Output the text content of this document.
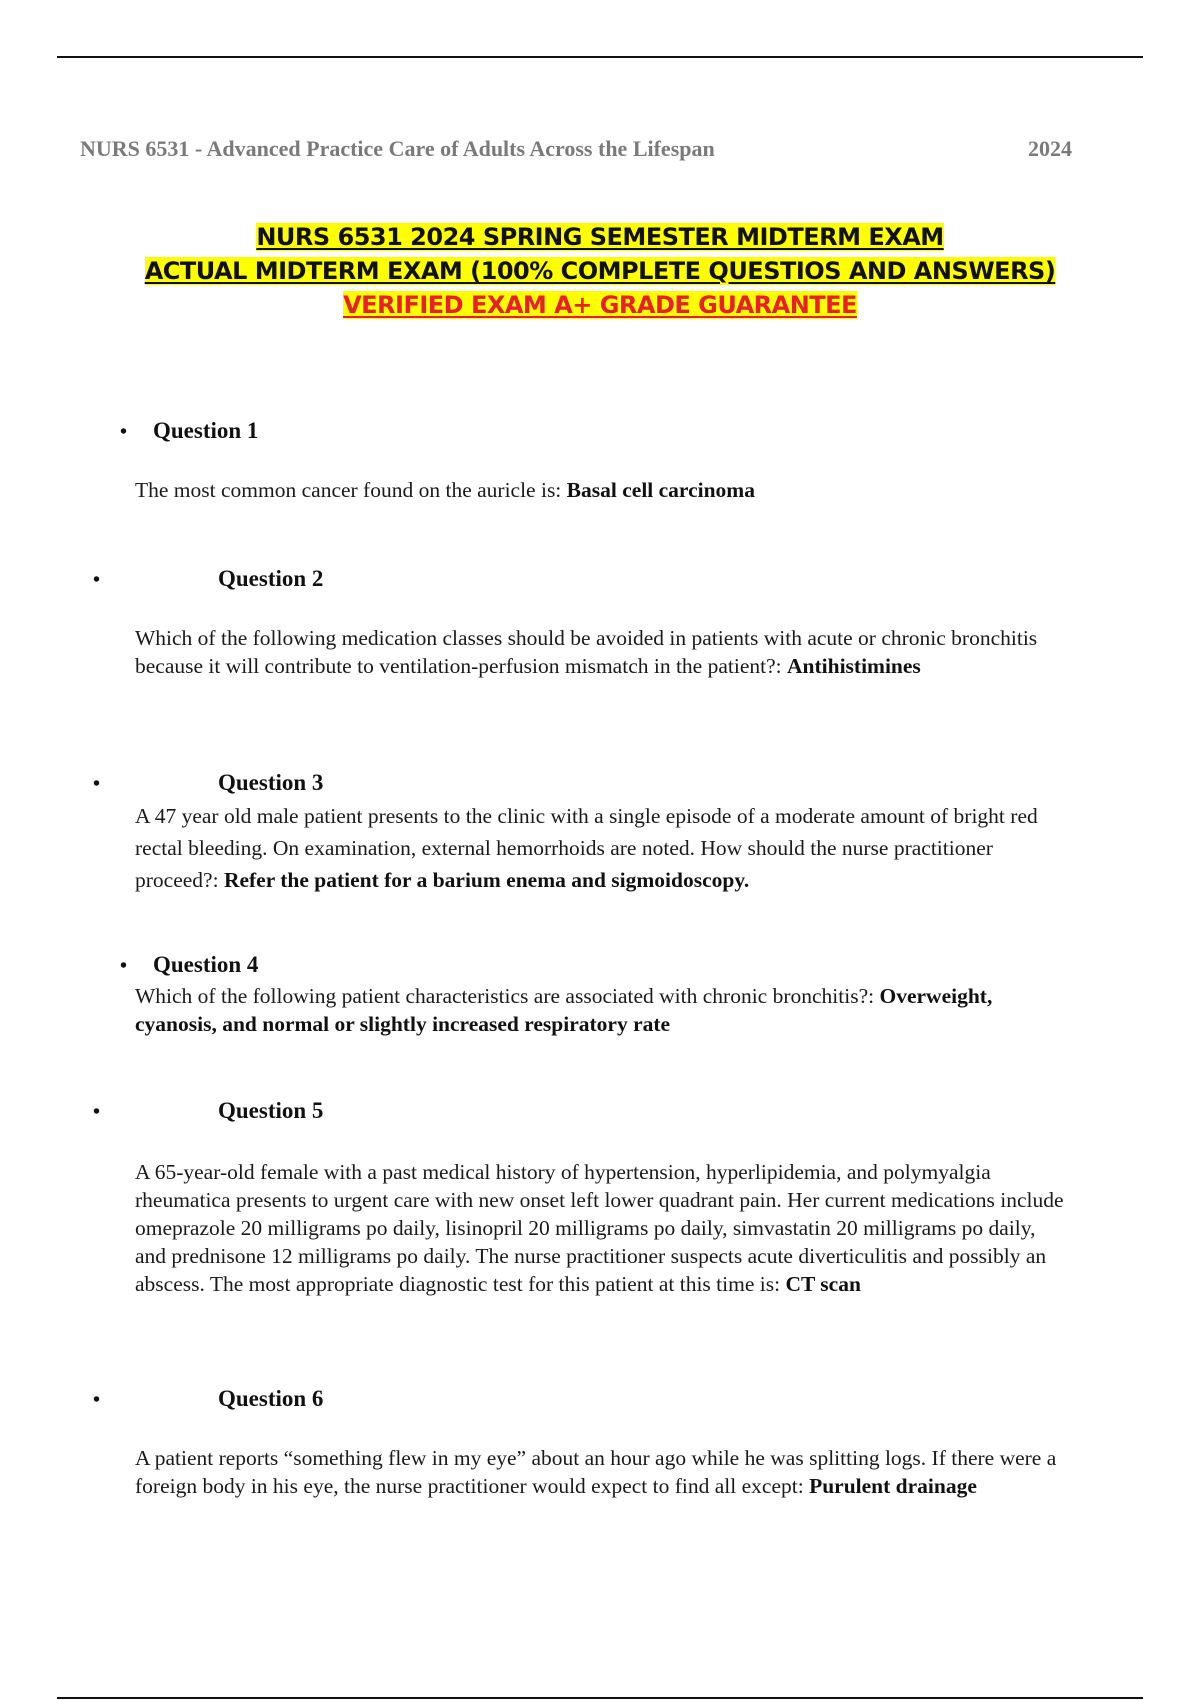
NURS 6531 - Advanced Practice Care of Adults Across the Lifespan	2024
NURS 6531 2024 SPRING SEMESTER MIDTERM EXAM
ACTUAL MIDTERM EXAM (100% COMPLETE QUESTIOS AND ANSWERS)
VERIFIED EXAM A+ GRADE GUARANTEE
• Question 1
The most common cancer found on the auricle is: Basal cell carcinoma
•	Question 2
Which of the following medication classes should be avoided in patients with acute or chronic bronchitis because it will contribute to ventilation-perfusion mismatch in the patient?: Antihistimines
•	Question 3
A 47 year old male patient presents to the clinic with a single episode of a moderate amount of bright red rectal bleeding. On examination, external hemorrhoids are noted. How should the nurse practitioner proceed?: Refer the patient for a barium enema and sigmoidoscopy.
• Question 4
Which of the following patient characteristics are associated with chronic bronchitis?: Overweight, cyanosis, and normal or slightly increased respiratory rate
•	Question 5
A 65-year-old female with a past medical history of hypertension, hyperlipidemia, and polymyalgia rheumatica presents to urgent care with new onset left lower quadrant pain. Her current medications include omeprazole 20 milligrams po daily, lisinopril 20 milligrams po daily, simvastatin 20 milligrams po daily, and prednisone 12 milligrams po daily. The nurse practitioner suspects acute diverticulitis and possibly an abscess. The most appropriate diagnostic test for this patient at this time is: CT scan
•	Question 6
A patient reports “something flew in my eye” about an hour ago while he was splitting logs. If there were a foreign body in his eye, the nurse practitioner would expect to find all except: Purulent drainage
